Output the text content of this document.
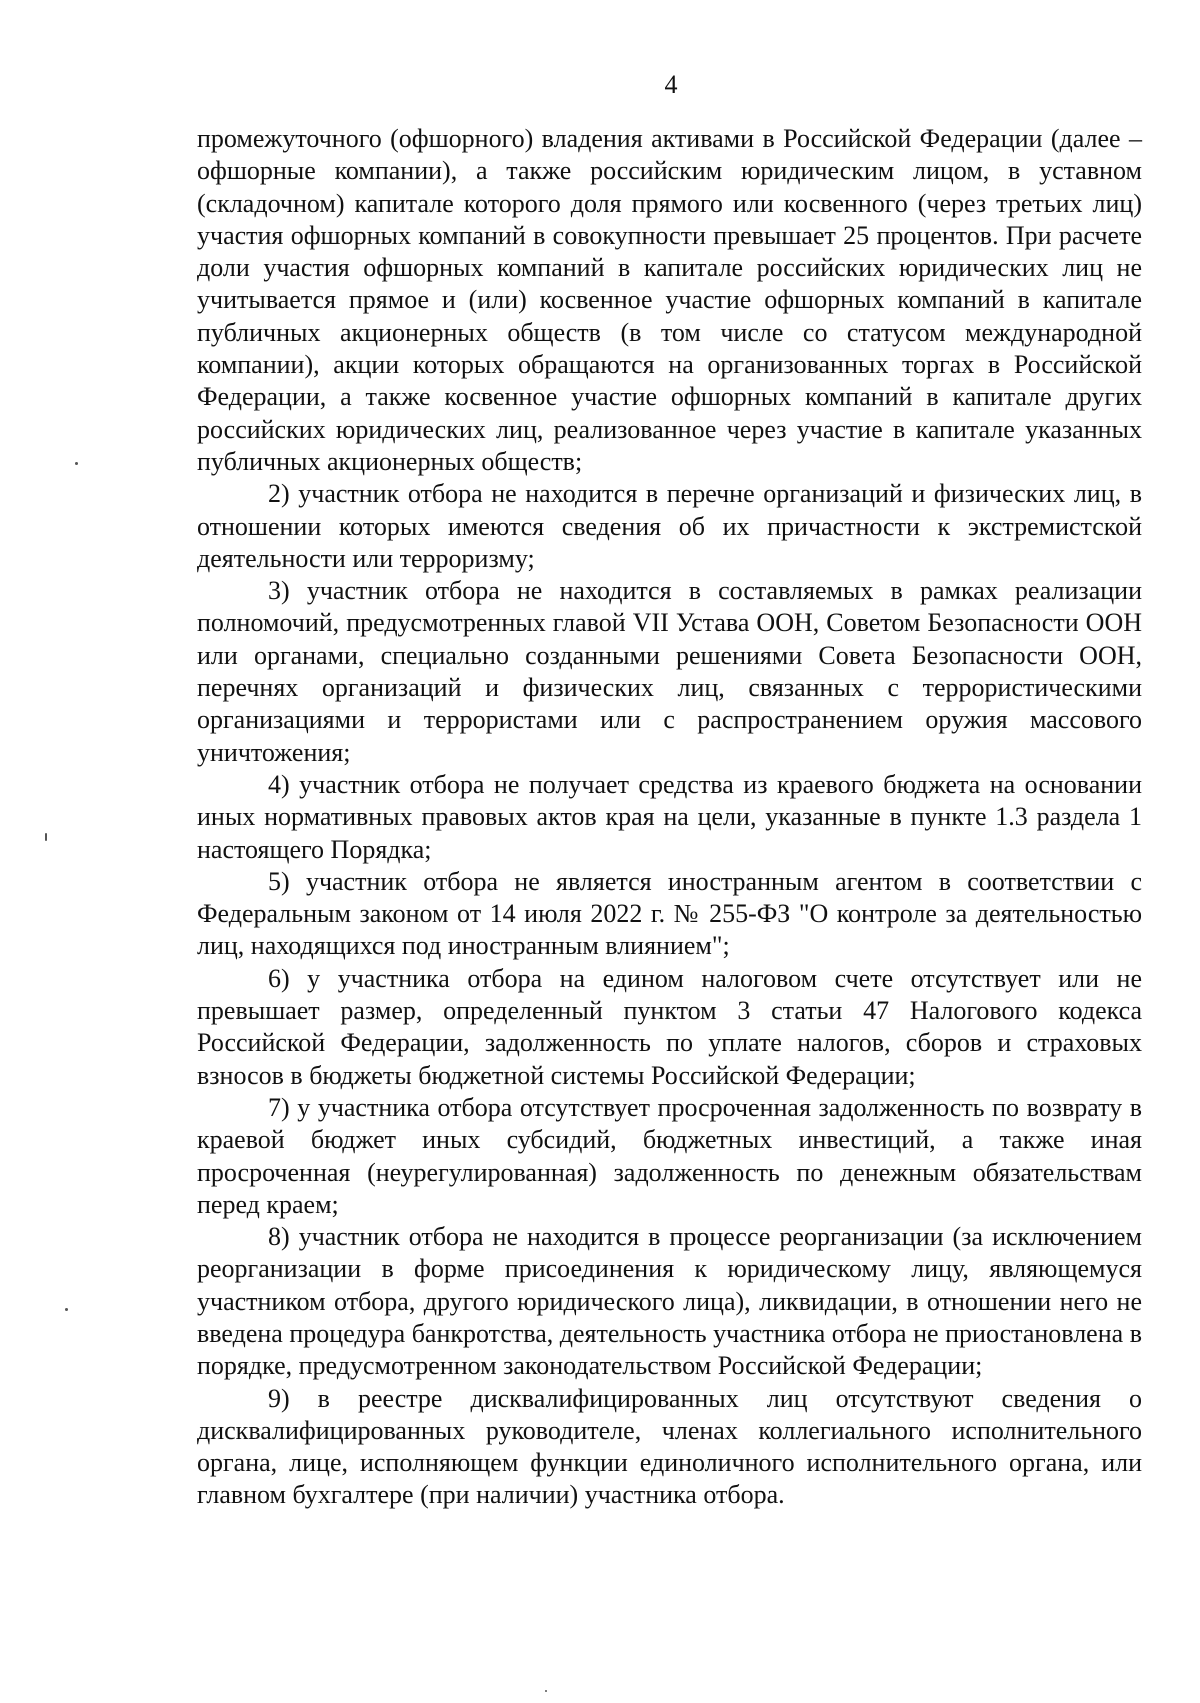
4

промежуточного (офшорного) владения активами в Российской Федерации (далее – офшорные компании), а также российским юридическим лицом, в уставном (складочном) капитале которого доля прямого или косвенного (через третьих лиц) участия офшорных компаний в совокупности превышает 25 процентов. При расчете доли участия офшорных компаний в капитале российских юридических лиц не учитывается прямое и (или) косвенное участие офшорных компаний в капитале публичных акционерных обществ (в том числе со статусом международной компании), акции которых обращаются на организованных торгах в Российской Федерации, а также косвенное участие офшорных компаний в капитале других российских юридических лиц, реализованное через участие в капитале указанных публичных акционерных обществ;

2) участник отбора не находится в перечне организаций и физических лиц, в отношении которых имеются сведения об их причастности к экстремистской деятельности или терроризму;

3) участник отбора не находится в составляемых в рамках реализации полномочий, предусмотренных главой VII Устава ООН, Советом Безопасности ООН или органами, специально созданными решениями Совета Безопасности ООН, перечнях организаций и физических лиц, связанных с террористическими организациями и террористами или с распространением оружия массового уничтожения;

4) участник отбора не получает средства из краевого бюджета на основании иных нормативных правовых актов края на цели, указанные в пункте 1.3 раздела 1 настоящего Порядка;

5) участник отбора не является иностранным агентом в соответствии с Федеральным законом от 14 июля 2022 г. № 255-ФЗ "О контроле за деятельностью лиц, находящихся под иностранным влиянием";

6) у участника отбора на едином налоговом счете отсутствует или не превышает размер, определенный пунктом 3 статьи 47 Налогового кодекса Российской Федерации, задолженность по уплате налогов, сборов и страховых взносов в бюджеты бюджетной системы Российской Федерации;

7) у участника отбора отсутствует просроченная задолженность по возврату в краевой бюджет иных субсидий, бюджетных инвестиций, а также иная просроченная (неурегулированная) задолженность по денежным обязательствам перед краем;

8) участник отбора не находится в процессе реорганизации (за исключением реорганизации в форме присоединения к юридическому лицу, являющемуся участником отбора, другого юридического лица), ликвидации, в отношении него не введена процедура банкротства, деятельность участника отбора не приостановлена в порядке, предусмотренном законодательством Российской Федерации;

9) в реестре дисквалифицированных лиц отсутствуют сведения о дисквалифицированных руководителе, членах коллегиального исполнительного органа, лице, исполняющем функции единоличного исполнительного органа, или главном бухгалтере (при наличии) участника отбора.
